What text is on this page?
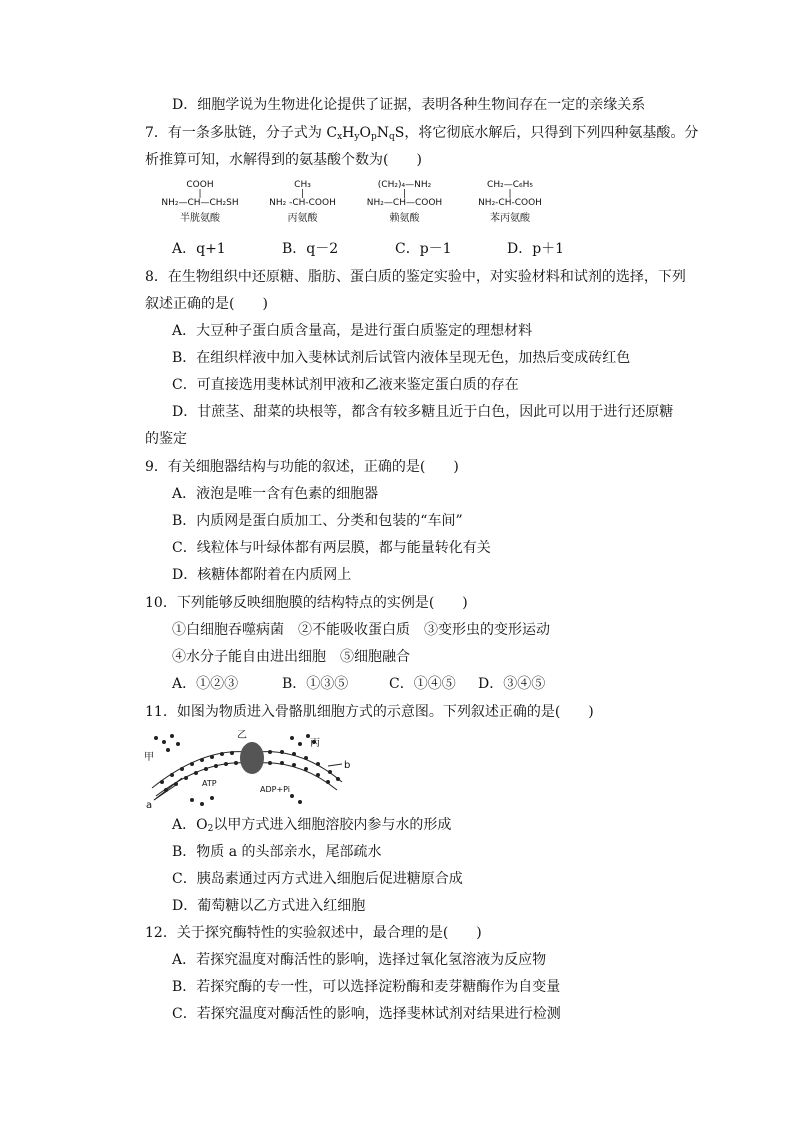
D．细胞学说为生物进化论提供了证据，表明各种生物间存在一定的亲缘关系
7．有一条多肽链，分子式为 $C_xH_yO_pN_qS$，将它彻底水解后，只得到下列四种氨基酸。分
析推算可知，水解得到的氨基酸个数为(　　)
COOH
|
NH₂—CH—CH₂SH
半胱氨酸
CH₃
|
NH₂ -CH-COOH
丙氨酸
(CH₂)₄—NH₂
|
NH₂—CH—COOH
赖氨酸
CH₂—C₆H₅
|
NH₂-CH-COOH
苯丙氨酸
A．q+1	B．q－2	C．p－1	D．p＋1
8．在生物组织中还原糖、脂肪、蛋白质的鉴定实验中，对实验材料和试剂的选择，下列
叙述正确的是(　　)
A．大豆种子蛋白质含量高，是进行蛋白质鉴定的理想材料
B．在组织样液中加入斐林试剂后试管内液体呈现无色，加热后变成砖红色
C．可直接选用斐林试剂甲液和乙液来鉴定蛋白质的存在
D．甘蔗茎、甜菜的块根等，都含有较多糖且近于白色，因此可以用于进行还原糖
的鉴定
9．有关细胞器结构与功能的叙述，正确的是(　　)
A．液泡是唯一含有色素的细胞器
B．内质网是蛋白质加工、分类和包装的“车间”
C．线粒体与叶绿体都有两层膜，都与能量转化有关
D．核糖体都附着在内质网上
10．下列能够反映细胞膜的结构特点的实例是(　　)
①白细胞吞噬病菌　②不能吸收蛋白质　③变形虫的变形运动
④水分子能自由进出细胞　⑤细胞融合
A．①②③	B．①③⑤	C．①④⑤ D．③④⑤
11．如图为物质进入骨骼肌细胞方式的示意图。下列叙述正确的是(　　)
甲
乙
丙
a
b
ATP
ADP+Pi
A．$O_2$以甲方式进入细胞溶胶内参与水的形成
B．物质 a 的头部亲水，尾部疏水
C．胰岛素通过丙方式进入细胞后促进糖原合成
D．葡萄糖以乙方式进入红细胞
12．关于探究酶特性的实验叙述中，最合理的是(　　)
A．若探究温度对酶活性的影响，选择过氧化氢溶液为反应物
B．若探究酶的专一性，可以选择淀粉酶和麦芽糖酶作为自变量
C．若探究温度对酶活性的影响，选择斐林试剂对结果进行检测
